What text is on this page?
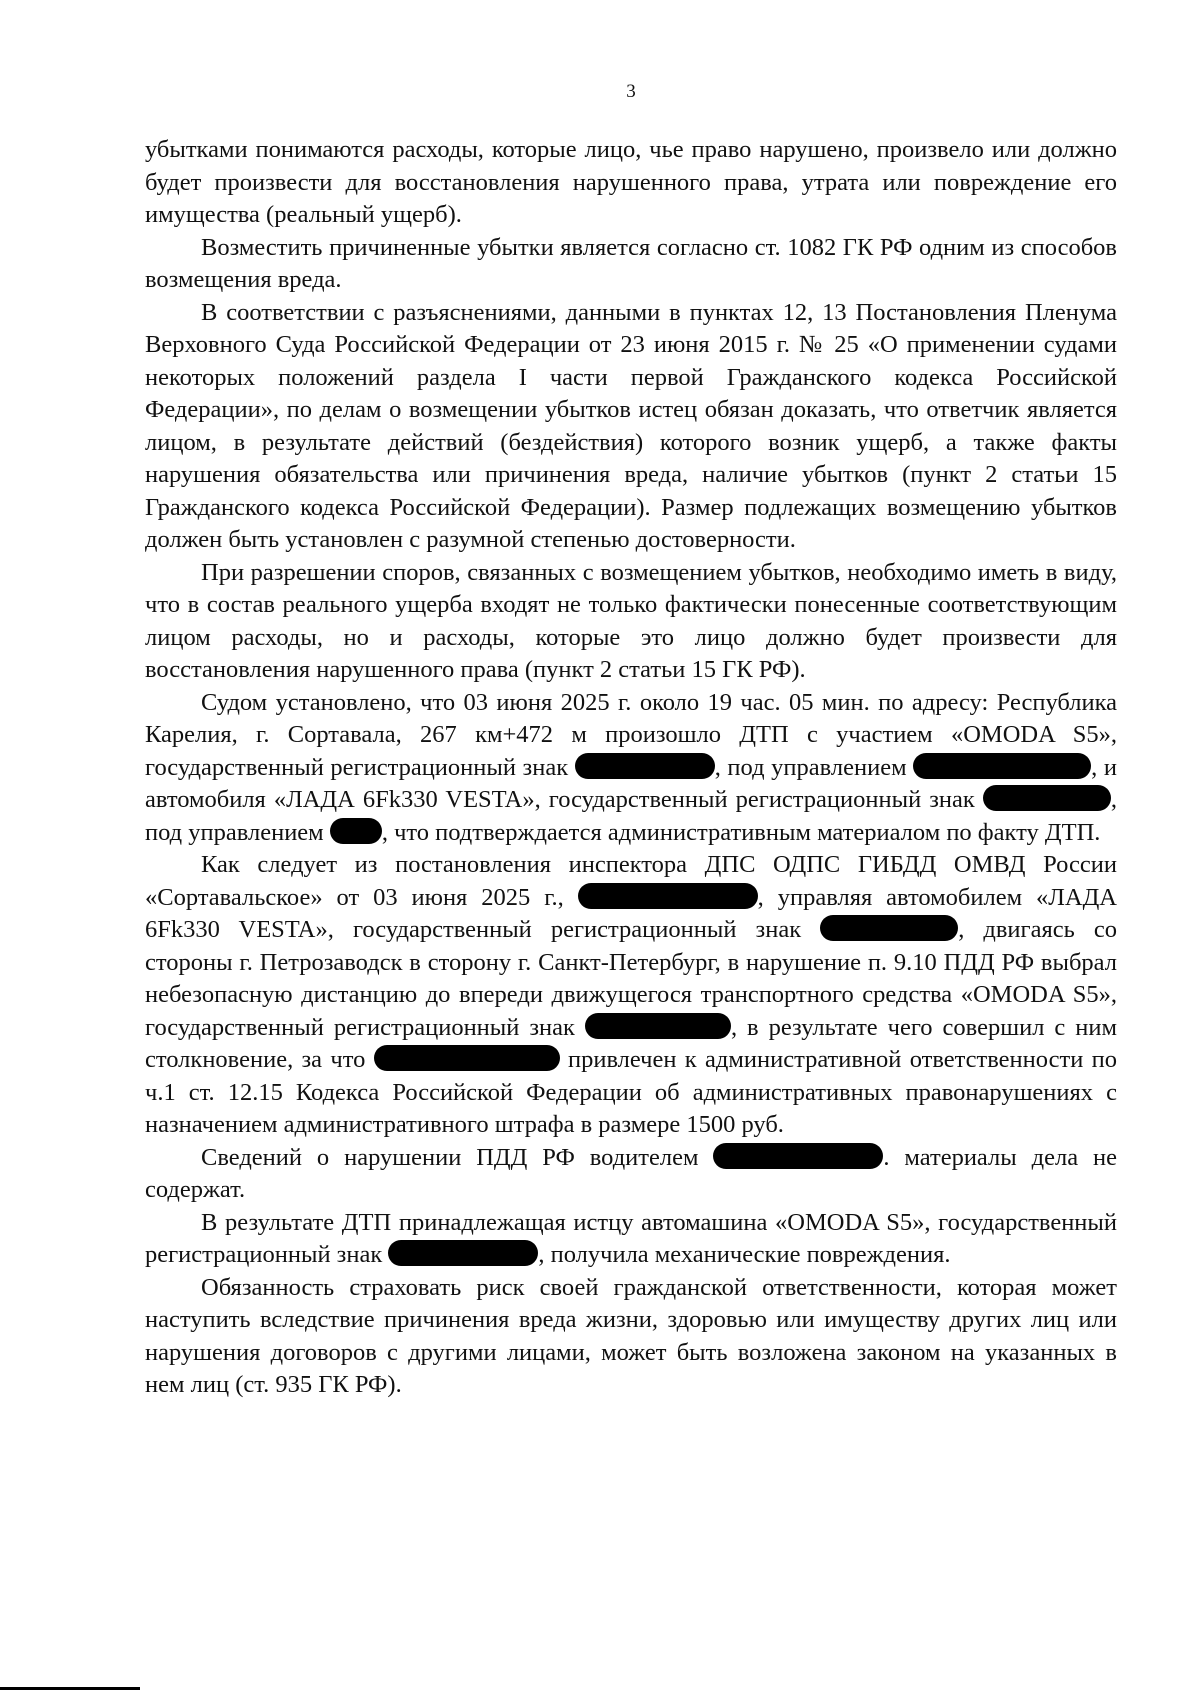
3

убытками понимаются расходы, которые лицо, чье право нарушено, произвело или должно будет произвести для восстановления нарушенного права, утрата или повреждение его имущества (реальный ущерб).

Возместить причиненные убытки является согласно ст. 1082 ГК РФ одним из способов возмещения вреда.

В соответствии с разъяснениями, данными в пунктах 12, 13 Постановления Пленума Верховного Суда Российской Федерации от 23 июня 2015 г. № 25 «О применении судами некоторых положений раздела I части первой Гражданского кодекса Российской Федерации», по делам о возмещении убытков истец обязан доказать, что ответчик является лицом, в результате действий (бездействия) которого возник ущерб, а также факты нарушения обязательства или причинения вреда, наличие убытков (пункт 2 статьи 15 Гражданского кодекса Российской Федерации). Размер подлежащих возмещению убытков должен быть установлен с разумной степенью достоверности.

При разрешении споров, связанных с возмещением убытков, необходимо иметь в виду, что в состав реального ущерба входят не только фактически понесенные соответствующим лицом расходы, но и расходы, которые это лицо должно будет произвести для восстановления нарушенного права (пункт 2 статьи 15 ГК РФ).

Судом установлено, что 03 июня 2025 г. около 19 час. 05 мин. по адресу: Республика Карелия, г. Сортавала, 267 км+472 м произошло ДТП с участием «OMODA S5», государственный регистрационный знак	, под управлением	, и автомобиля «ЛАДА 6Fk330 VESTA», государственный регистрационный знак	, под управлением , что подтверждается административным материалом по факту ДТП.

Как следует из постановления инспектора ДПС ОДПС ГИБДД ОМВД России «Сортавальское» от 03 июня 2025 г.,	, управляя автомобилем «ЛАДА 6Fk330 VESTA», государственный регистрационный знак	, двигаясь со стороны г. Петрозаводск в сторону г. Санкт-Петербург, в нарушение п. 9.10 ПДД РФ выбрал небезопасную дистанцию до впереди движущегося транспортного средства «OMODA S5», государственный регистрационный знак	, в результате чего совершил с ним столкновение, за что	привлечен к административной ответственности по ч.1 ст. 12.15 Кодекса Российской Федерации об административных правонарушениях с назначением административного штрафа в размере 1500 руб.

Сведений о нарушении ПДД РФ водителем	. материалы дела не содержат.

В результате ДТП принадлежащая истцу автомашина «OMODA S5», государственный регистрационный знак	, получила механические повреждения.

Обязанность страховать риск своей гражданской ответственности, которая может наступить вследствие причинения вреда жизни, здоровью или имуществу других лиц или нарушения договоров с другими лицами, может быть возложена законом на указанных в нем лиц (ст. 935 ГК РФ).
